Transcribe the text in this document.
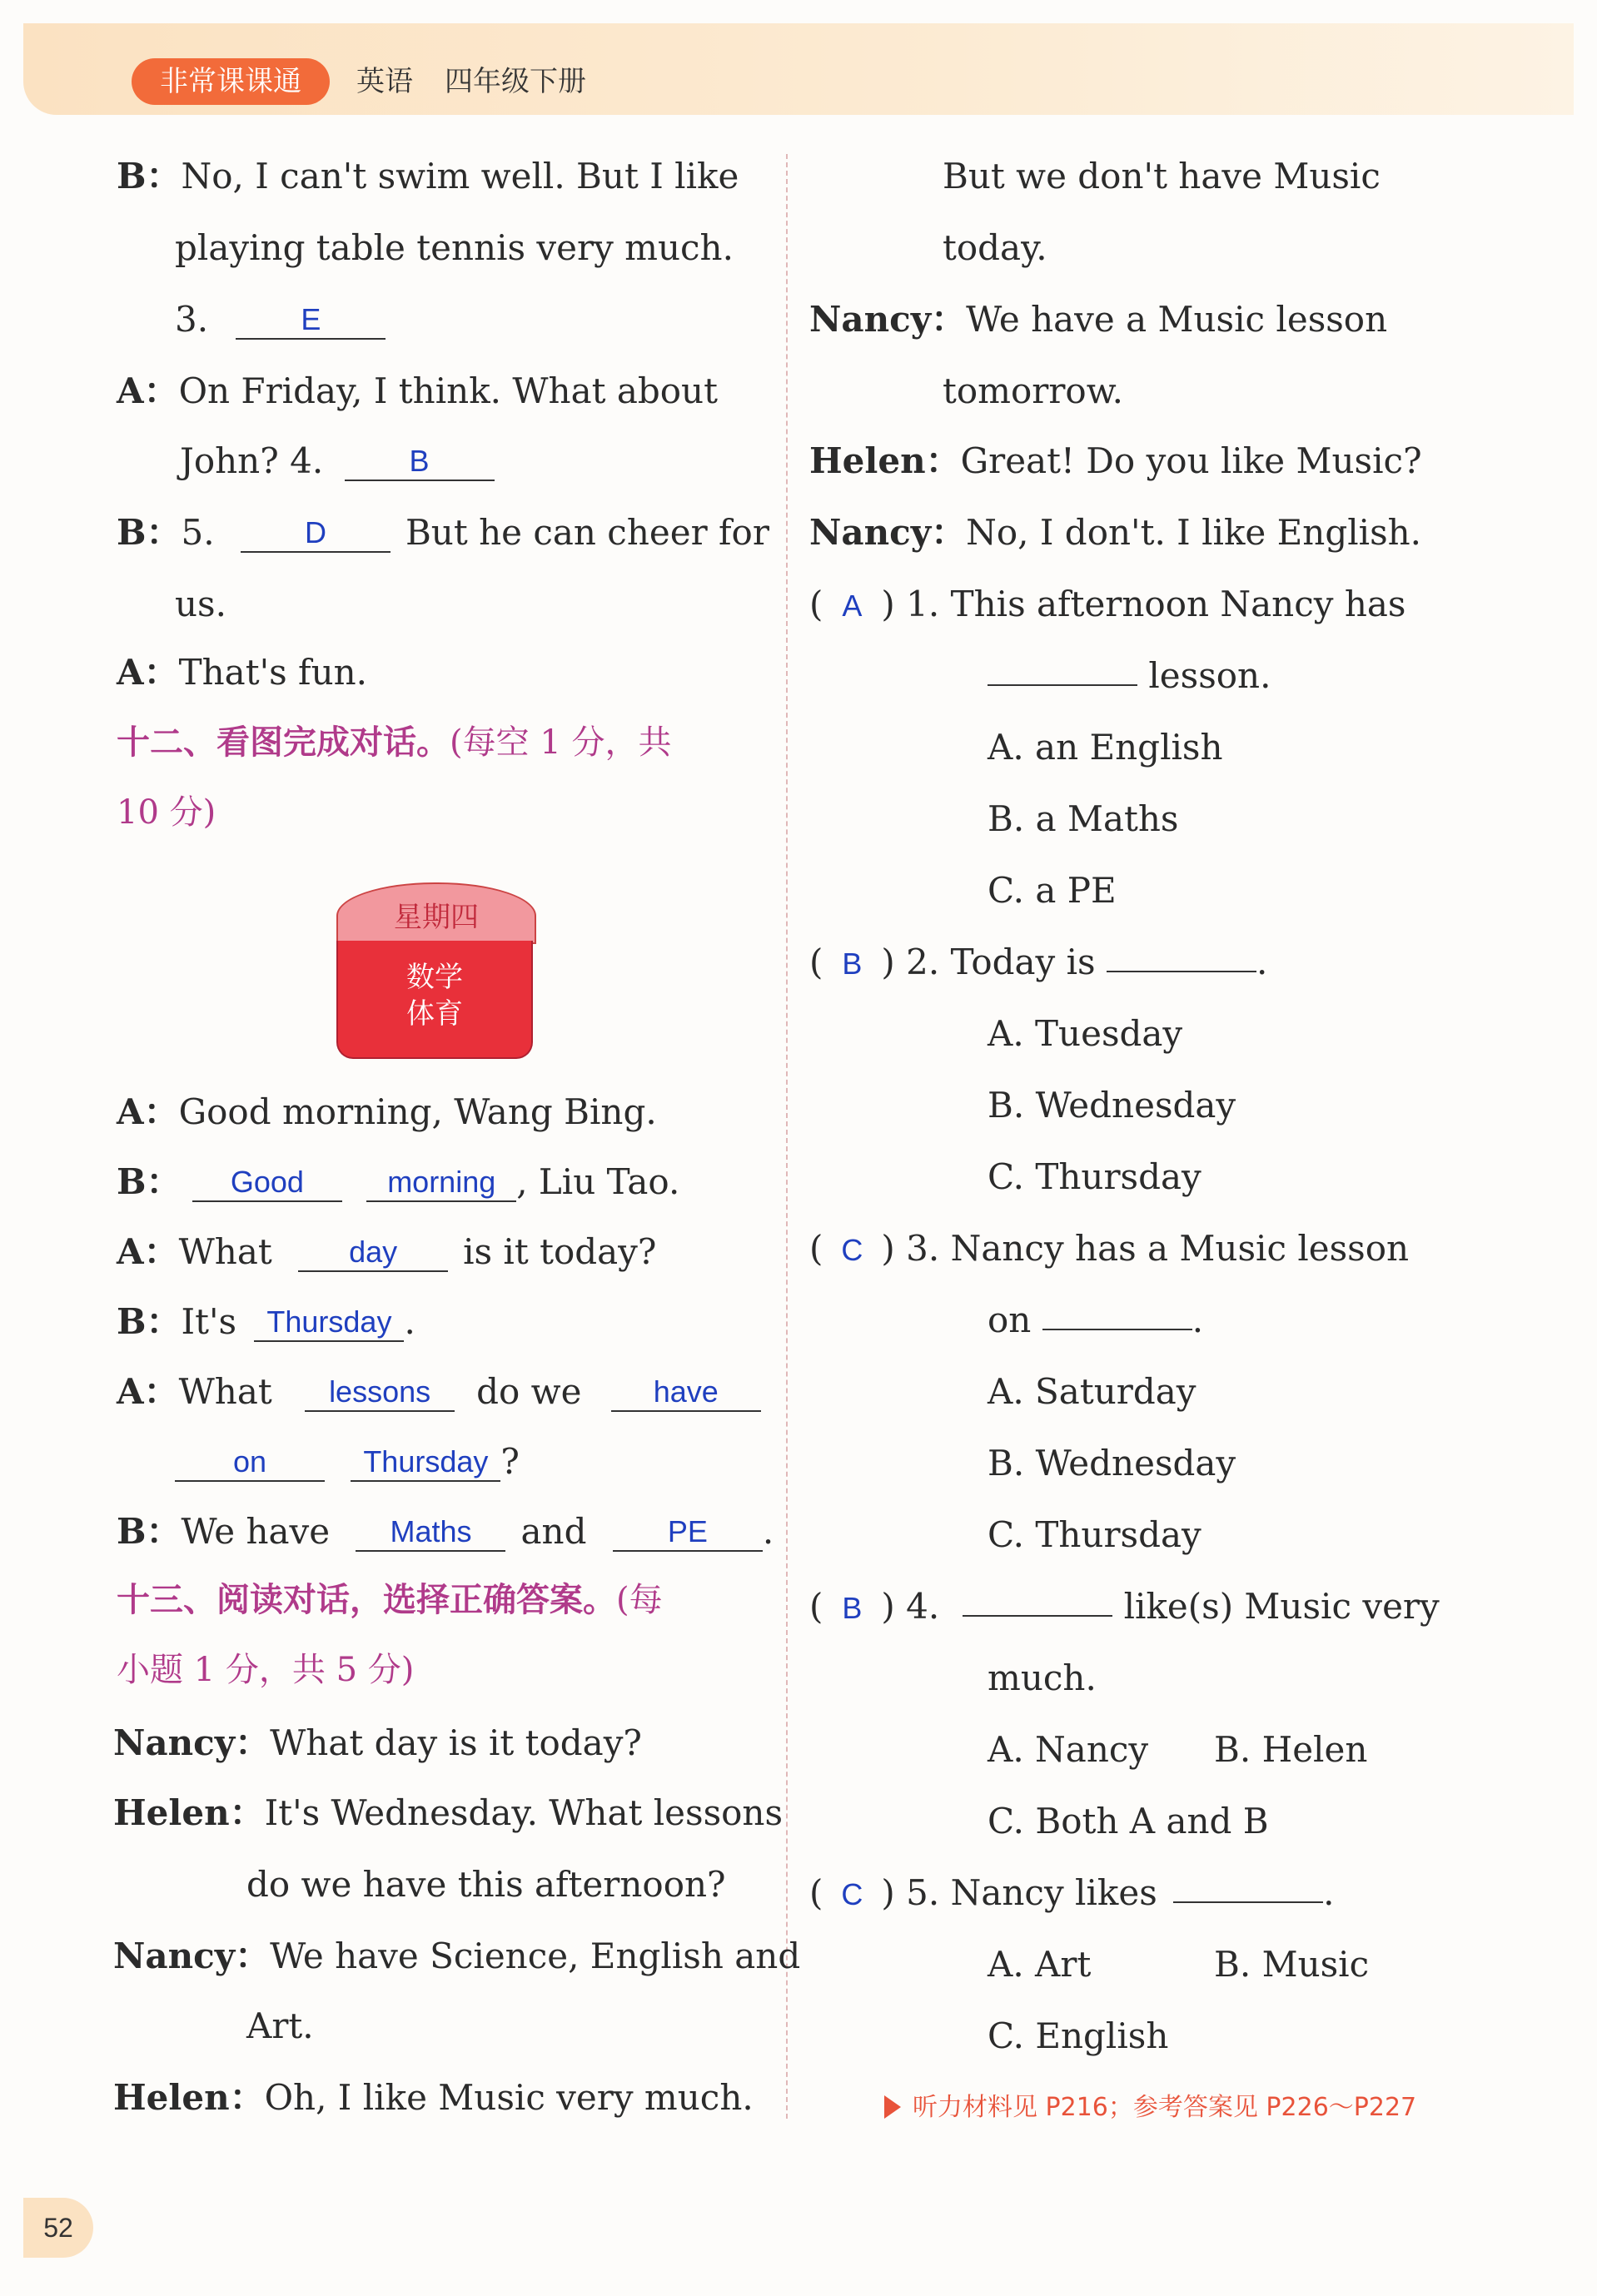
非常课课通	英语 四年级下册
B：No, I can't swim well. But I like
playing table tennis very much.
3.	E
A：On Friday, I think. What about
John? 4.	B
B：5.	D But he can cheer for
us.
A：That's fun.
十二、看图完成对话。(每空 1 分，共
10 分)
星期四
数学
体育
A：Good morning, Wang Bing.
B： Good	morning , Liu Tao.
A：What	day is it today?
B：It's Thursday .
A：What lessons do we have
on	Thursday ?
B：We have Maths and	PE .
十三、阅读对话，选择正确答案。(每
小题 1 分，共 5 分)
Nancy：What day is it today?
Helen：It's Wednesday. What lessons
do we have this afternoon?
Nancy：We have Science, English and
Art.
Helen：Oh, I like Music very much.
But we don't have Music
today.
Nancy：We have a Music lesson
tomorrow.
Helen：Great! Do you like Music?
Nancy：No, I don't. I like English.
( A ) 1. This afternoon Nancy has
lesson.
A. an English
B. a Maths
C. a PE
( B ) 2. Today is	.
A. Tuesday
B. Wednesday
C. Thursday
( C ) 3. Nancy has a Music lesson
on	.
A. Saturday
B. Wednesday
C. Thursday
( B ) 4.	like(s) Music very
much.
A. Nancy B. Helen
C. Both A and B
( C ) 5. Nancy likes	.
A. Art	B. Music
C. English
听力材料见 P216；参考答案见 P226～P227
52
